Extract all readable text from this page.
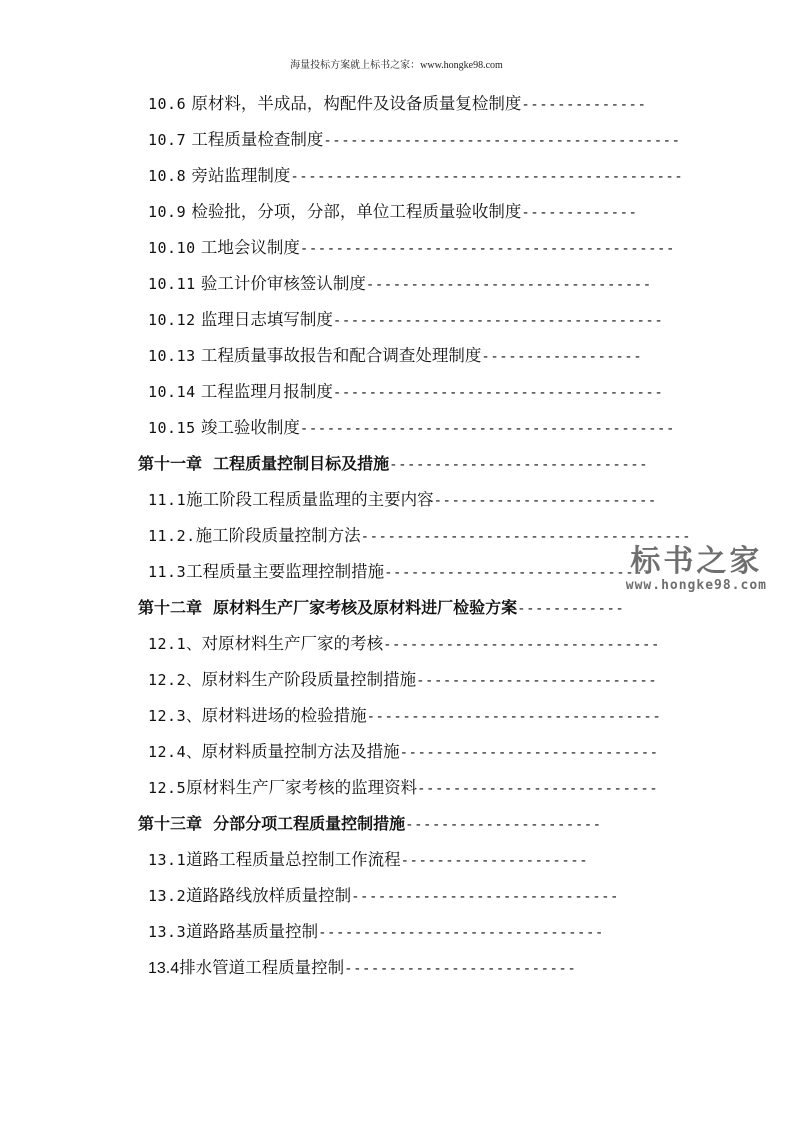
海量投标方案就上标书之家：www.hongke98.com
10.6 原材料，半成品，构配件及设备质量复检制度--------------
10.7 工程质量检查制度----------------------------------------
10.8 旁站监理制度--------------------------------------------
10.9 检验批，分项，分部，单位工程质量验收制度-------------
10.10 工地会议制度------------------------------------------
10.11 验工计价审核签认制度--------------------------------
10.12 监理日志填写制度-------------------------------------
10.13 工程质量事故报告和配合调查处理制度------------------
10.14 工程监理月报制度-------------------------------------
10.15 竣工验收制度------------------------------------------
第十一章 工程质量控制目标及措施-----------------------------
11.1施工阶段工程质量监理的主要内容-------------------------
11.2.施工阶段质量控制方法-------------------------------------
11.3工程质量主要监理控制措施------------------------------
第十二章 原材料生产厂家考核及原材料进厂检验方案------------
12.1、对原材料生产厂家的考核-------------------------------
12.2、原材料生产阶段质量控制措施---------------------------
12.3、原材料进场的检验措施---------------------------------
12.4、原材料质量控制方法及措施-----------------------------
12.5原材料生产厂家考核的监理资料---------------------------
第十三章 分部分项工程质量控制措施----------------------
13.1道路工程质量总控制工作流程---------------------
13.2道路路线放样质量控制------------------------------
13.3道路路基质量控制--------------------------------
13.4排水管道工程质量控制--------------------------
标书之家
www.hongke98.com
